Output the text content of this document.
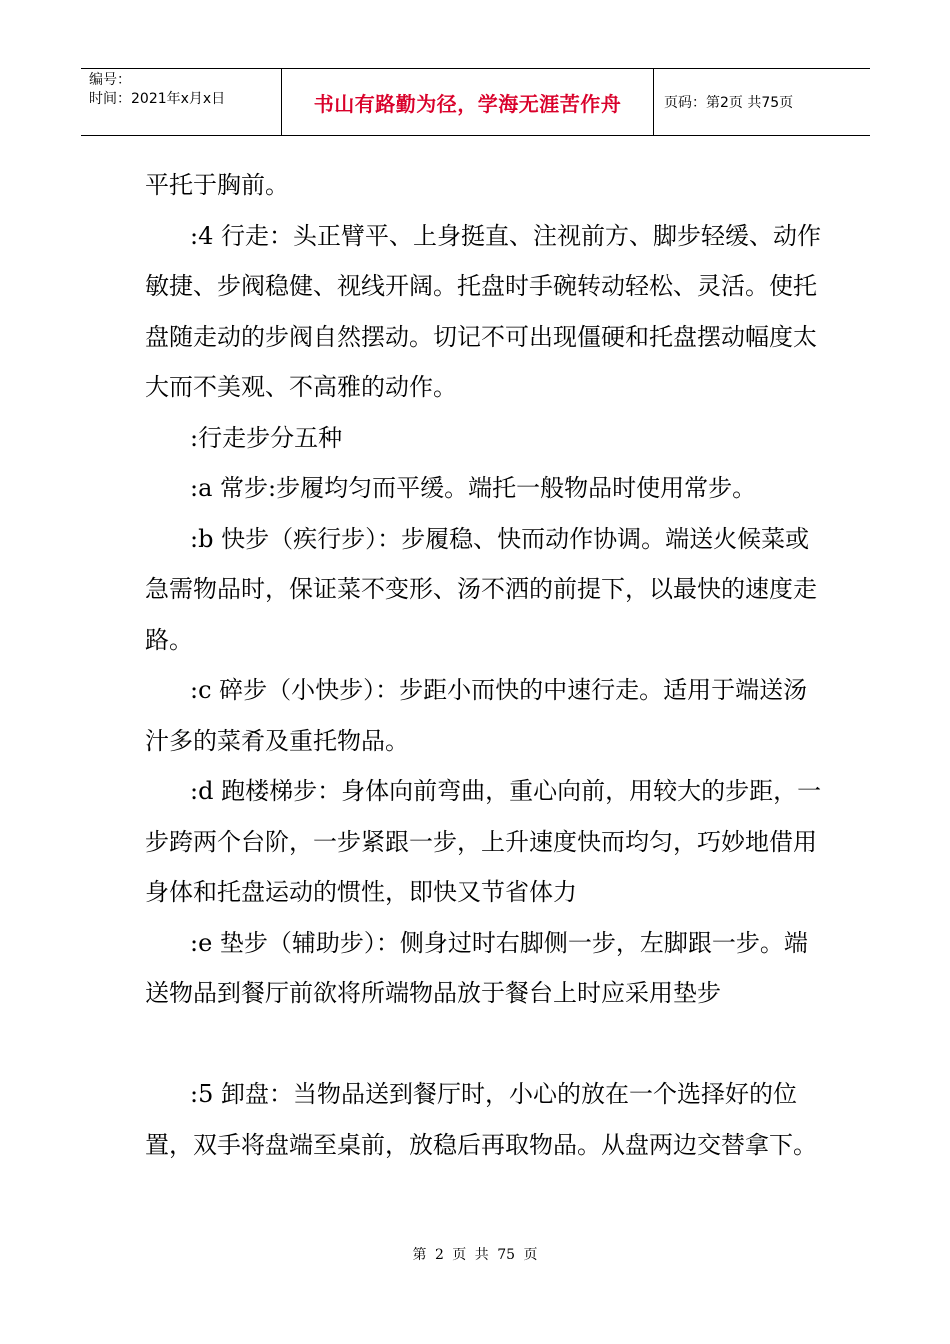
编号：
时间：2021年x月x日	书山有路勤为径，学海无涯苦作舟	页码：第2页 共75页

平托于胸前。

:4 行走：头正臂平、上身挺直、注视前方、脚步轻缓、动作敏捷、步阀稳健、视线开阔。托盘时手碗转动轻松、灵活。使托盘随走动的步阀自然摆动。切记不可出现僵硬和托盘摆动幅度太大而不美观、不高雅的动作。

:行走步分五种

:a 常步:步履均匀而平缓。端托一般物品时使用常步。

:b 快步（疾行步）：步履稳、快而动作协调。端送火候菜或急需物品时，保证菜不变形、汤不洒的前提下，以最快的速度走路。

:c 碎步（小快步）：步距小而快的中速行走。适用于端送汤汁多的菜肴及重托物品。

:d 跑楼梯步：身体向前弯曲，重心向前，用较大的步距，一步跨两个台阶，一步紧跟一步，上升速度快而均匀，巧妙地借用身体和托盘运动的惯性，即快又节省体力

:e 垫步（辅助步）：侧身过时右脚侧一步，左脚跟一步。端送物品到餐厅前欲将所端物品放于餐台上时应采用垫步

:5 卸盘：当物品送到餐厅时，小心的放在一个选择好的位置，双手将盘端至桌前，放稳后再取物品。从盘两边交替拿下。

第 2 页 共 75 页
